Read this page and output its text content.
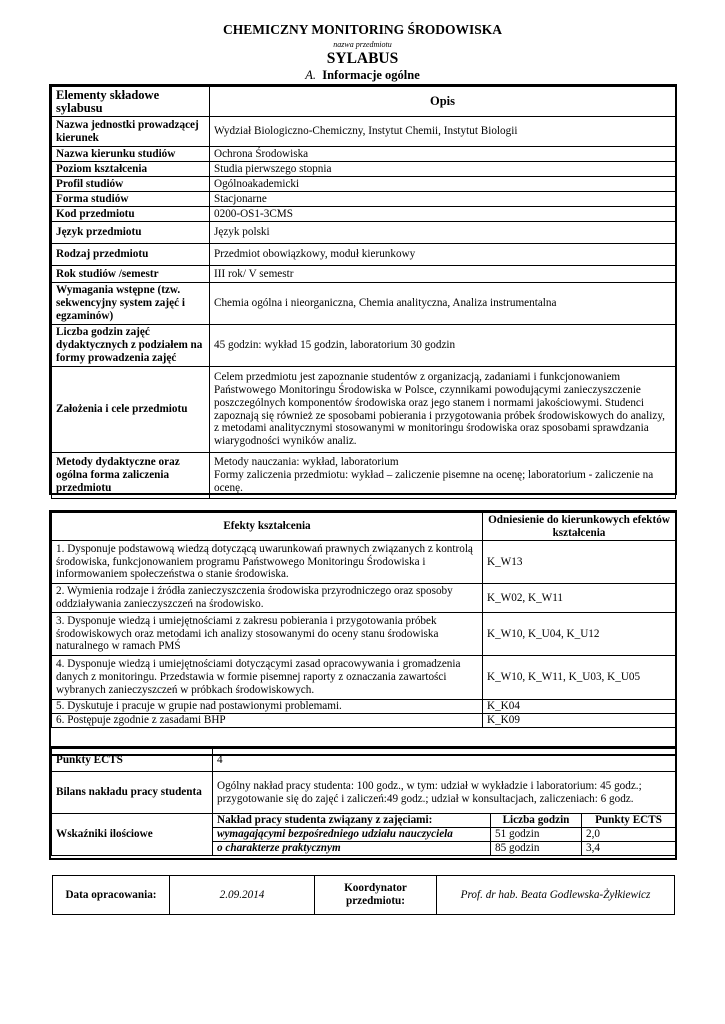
CHEMICZNY MONITORING ŚRODOWISKA
nazwa przedmiotu
SYLABUS
A. Informacje ogólne
Elementy składowe sylabusu	Opis
Nazwa jednostki prowadzącej kierunek	Wydział Biologiczno-Chemiczny, Instytut Chemii, Instytut Biologii
Nazwa kierunku studiów	Ochrona Środowiska
Poziom kształcenia	Studia pierwszego stopnia
Profil studiów	Ogólnoakademicki
Forma studiów	Stacjonarne
Kod przedmiotu	0200-OS1-3CMS
Język przedmiotu	Język polski
Rodzaj przedmiotu	Przedmiot obowiązkowy, moduł kierunkowy
Rok studiów /semestr	III rok/ V semestr
Wymagania wstępne (tzw. sekwencyjny system zajęć i egzaminów)	Chemia ogólna i nieorganiczna, Chemia analityczna, Analiza instrumentalna
Liczba godzin zajęć dydaktycznych z podziałem na formy prowadzenia zajęć	45 godzin: wykład 15 godzin, laboratorium 30 godzin
Założenia i cele przedmiotu	Celem przedmiotu jest zapoznanie studentów z organizacją, zadaniami i funkcjonowaniem Państwowego Monitoringu Środowiska w Polsce, czynnikami powodującymi zanieczyszczenie poszczególnych komponentów środowiska oraz jego stanem i normami jakościowymi. Studenci zapoznają się również ze sposobami pobierania i przygotowania próbek środowiskowych do analizy, z metodami analitycznymi stosowanymi w monitoringu środowiska oraz sposobami sprawdzania wiarygodności wyników analiz.
Metody dydaktyczne oraz ogólna forma zaliczenia przedmiotu	Metody nauczania: wykład, laboratorium
Formy zaliczenia przedmiotu: wykład – zaliczenie pisemne na ocenę; laboratorium - zaliczenie na ocenę.
Efekty kształcenia	Odniesienie do kierunkowych efektów kształcenia
1. Dysponuje podstawową wiedzą dotyczącą uwarunkowań prawnych związanych z kontrolą środowiska, funkcjonowaniem programu Państwowego Monitoringu Środowiska i informowaniem społeczeństwa o stanie środowiska.	K_W13
2. Wymienia rodzaje i źródła zanieczyszczenia środowiska przyrodniczego oraz sposoby oddziaływania zanieczyszczeń na środowisko.	K_W02, K_W11
3. Dysponuje wiedzą i umiejętnościami z zakresu pobierania i przygotowania próbek środowiskowych oraz metodami ich analizy stosowanymi do oceny stanu środowiska naturalnego w ramach PMŚ	K_W10, K_U04, K_U12
4. Dysponuje wiedzą i umiejętnościami dotyczącymi zasad opracowywania i gromadzenia danych z monitoringu. Przedstawia w formie pisemnej raporty z oznaczania zawartości wybranych zanieczyszczeń w próbkach środowiskowych.	K_W10, K_W11, K_U03, K_U05
5. Dyskutuje i pracuje w grupie nad postawionymi problemami.	K_K04
6. Postępuje zgodnie z zasadami BHP	K_K09
Punkty ECTS	4		
Bilans nakładu pracy studenta	Ogólny nakład pracy studenta: 100 godz., w tym: udział w wykładzie i laboratorium: 45 godz.; przygotowanie się do zajęć i zaliczeń:49 godz.; udział w konsultacjach, zaliczeniach: 6 godz.		
Wskaźniki ilościowe	Nakład pracy studenta związany z zajęciami:	Liczba godzin	Punkty ECTS
	wymagającymi bezpośredniego udziału nauczyciela	51 godzin	2,0
	o charakterze praktycznym	85 godzin	3,4
Data opracowania:	2.09.2014	Koordynator przedmiotu:	Prof. dr hab. Beata Godlewska-Żyłkiewicz
